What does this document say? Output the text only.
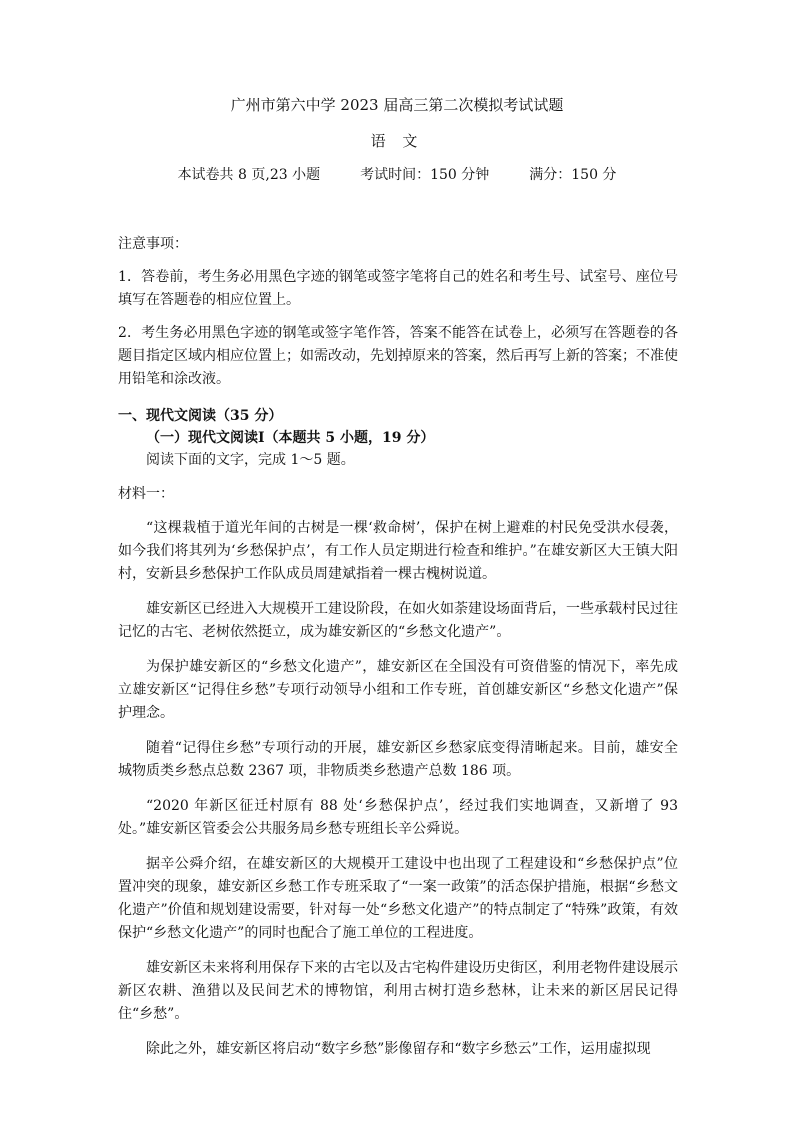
广州市第六中学 2023 届高三第二次模拟考试试题
语 文
本试卷共 8 页,23 小题	考试时间：150 分钟	满分：150 分
注意事项：
1．答卷前，考生务必用黑色字迹的钢笔或签字笔将自己的姓名和考生号、试室号、座位号填写在答题卷的相应位置上。
2．考生务必用黑色字迹的钢笔或签字笔作答，答案不能答在试卷上，必须写在答题卷的各题目指定区域内相应位置上；如需改动，先划掉原来的答案，然后再写上新的答案；不准使用铅笔和涂改液。
一、现代文阅读（35 分）
（一）现代文阅读Ⅰ（本题共 5 小题，19 分）
阅读下面的文字，完成 1～5 题。
材料一：
“这棵栽植于道光年间的古树是一棵‘救命树’，保护在树上避难的村民免受洪水侵袭，如今我们将其列为‘乡愁保护点’，有工作人员定期进行检查和维护。”在雄安新区大王镇大阳村，安新县乡愁保护工作队成员周建斌指着一棵古槐树说道。
雄安新区已经进入大规模开工建设阶段，在如火如荼建设场面背后，一些承载村民过往记忆的古宅、老树依然挺立，成为雄安新区的“乡愁文化遗产”。
为保护雄安新区的“乡愁文化遗产”，雄安新区在全国没有可资借鉴的情况下，率先成立雄安新区“记得住乡愁”专项行动领导小组和工作专班，首创雄安新区“乡愁文化遗产”保护理念。
随着“记得住乡愁”专项行动的开展，雄安新区乡愁家底变得清晰起来。目前，雄安全城物质类乡愁点总数 2367 项，非物质类乡愁遗产总数 186 项。
“2020 年新区征迁村原有 88 处‘乡愁保护点’，经过我们实地调查，又新增了 93 处。”雄安新区管委会公共服务局乡愁专班组长辛公舜说。
据辛公舜介绍，在雄安新区的大规模开工建设中也出现了工程建设和“乡愁保护点”位置冲突的现象，雄安新区乡愁工作专班采取了“一案一政策”的活态保护措施，根据“乡愁文化遗产”价值和规划建设需要，针对每一处“乡愁文化遗产”的特点制定了“特殊”政策，有效保护“乡愁文化遗产”的同时也配合了施工单位的工程进度。
雄安新区未来将利用保存下来的古宅以及古宅构件建设历史街区，利用老物件建设展示新区农耕、渔猎以及民间艺术的博物馆，利用古树打造乡愁林，让未来的新区居民记得住“乡愁”。
除此之外，雄安新区将启动“数字乡愁”影像留存和“数字乡愁云”工作，运用虚拟现
